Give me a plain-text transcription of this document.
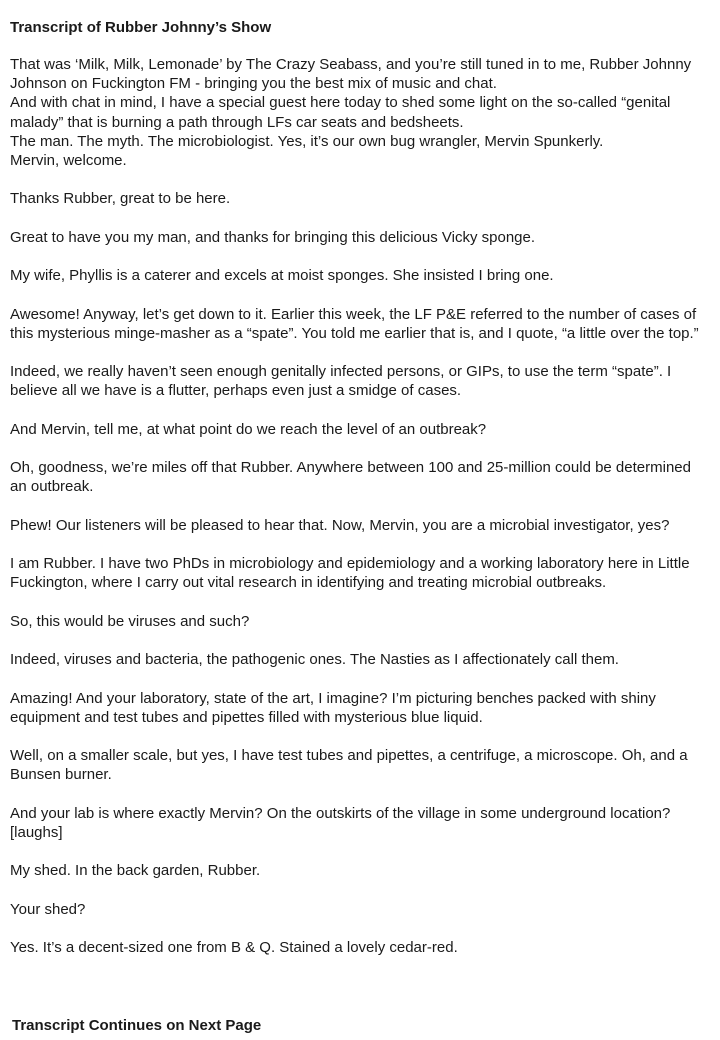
Transcript of Rubber Johnny’s Show
That was ‘Milk, Milk, Lemonade’ by The Crazy Seabass, and you’re still tuned in to me, Rubber Johnny Johnson on Fuckington FM - bringing you the best mix of music and chat.
And with chat in mind, I have a special guest here today to shed some light on the so-called “genital malady” that is burning a path through LFs car seats and bedsheets.
The man. The myth. The microbiologist. Yes, it’s our own bug wrangler, Mervin Spunkerly.
Mervin, welcome.
Thanks Rubber, great to be here.
Great to have you my man, and thanks for bringing this delicious Vicky sponge.
My wife, Phyllis is a caterer and excels at moist sponges. She insisted I bring one.
Awesome! Anyway, let’s get down to it. Earlier this week, the LF P&E referred to the number of cases of this mysterious minge-masher as a “spate”. You told me earlier that is, and I quote, “a little over the top.”
Indeed, we really haven’t seen enough genitally infected persons, or GIPs, to use the term “spate”. I believe all we have is a flutter, perhaps even just a smidge of cases.
And Mervin, tell me, at what point do we reach the level of an outbreak?
Oh, goodness, we’re miles off that Rubber. Anywhere between 100 and 25-million could be determined an outbreak.
Phew! Our listeners will be pleased to hear that. Now, Mervin, you are a microbial investigator, yes?
I am Rubber. I have two PhDs in microbiology and epidemiology and a working laboratory here in Little Fuckington, where I carry out vital research in identifying and treating microbial outbreaks.
So, this would be viruses and such?
Indeed, viruses and bacteria, the pathogenic ones. The Nasties as I affectionately call them.
Amazing! And your laboratory, state of the art, I imagine? I’m picturing benches packed with shiny equipment and test tubes and pipettes filled with mysterious blue liquid.
Well, on a smaller scale, but yes, I have test tubes and pipettes, a centrifuge, a microscope. Oh, and a Bunsen burner.
And your lab is where exactly Mervin? On the outskirts of the village in some underground location? [laughs]
My shed. In the back garden, Rubber.
Your shed?
Yes. It’s a decent-sized one from B & Q. Stained a lovely cedar-red.
Transcript Continues on Next Page
